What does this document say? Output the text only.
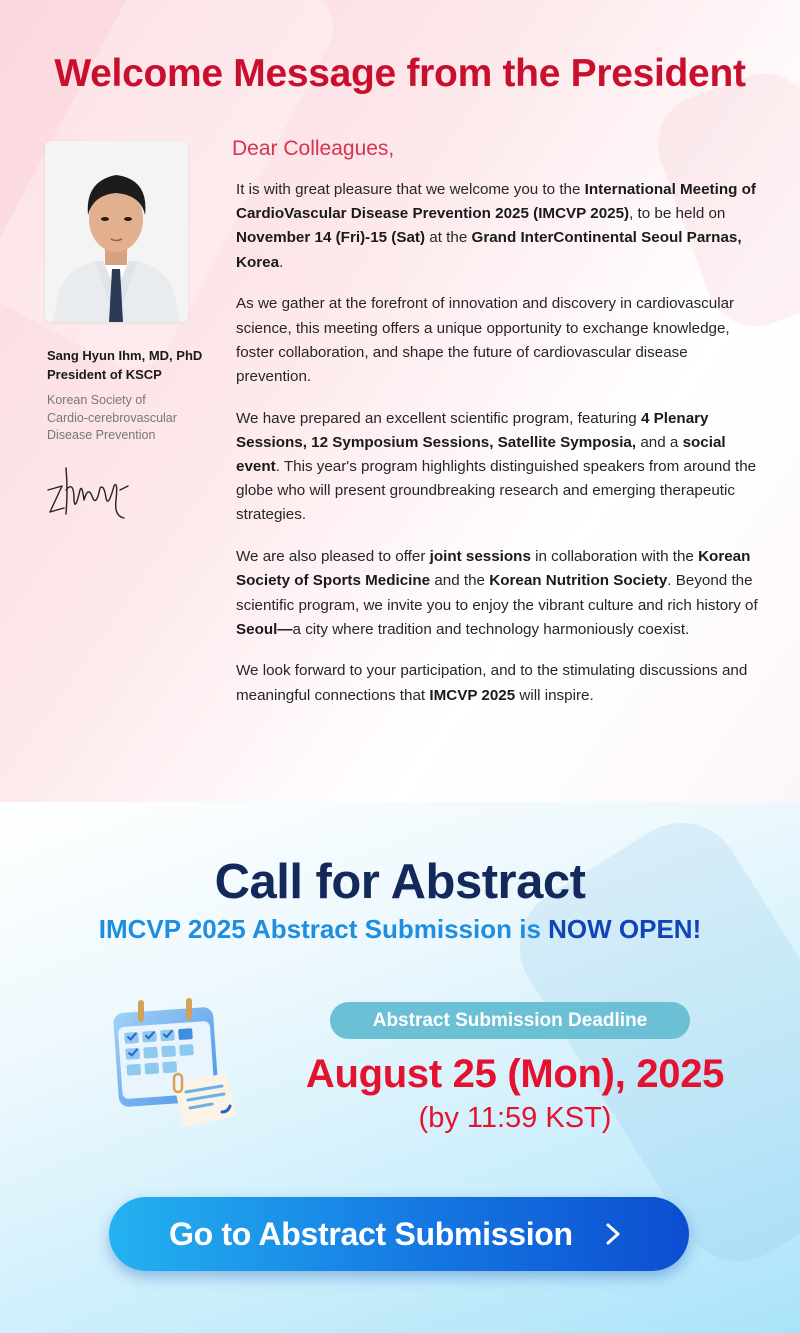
Welcome Message from the President
Sang Hyun Ihm, MD, PhD
President of KSCP
Korean Society of
Cardio-cerebrovascular
Disease Prevention
Dear Colleagues,

It is with great pleasure that we welcome you to the International Meeting of CardioVascular Disease Prevention 2025 (IMCVP 2025), to be held on November 14 (Fri)-15 (Sat) at the Grand InterContinental Seoul Parnas, Korea.

As we gather at the forefront of innovation and discovery in cardiovascular science, this meeting offers a unique opportunity to exchange knowledge, foster collaboration, and shape the future of cardiovascular disease prevention.

We have prepared an excellent scientific program, featuring 4 Plenary Sessions, 12 Symposium Sessions, Satellite Symposia, and a social event. This year's program highlights distinguished speakers from around the globe who will present groundbreaking research and emerging therapeutic strategies.

We are also pleased to offer joint sessions in collaboration with the Korean Society of Sports Medicine and the Korean Nutrition Society. Beyond the scientific program, we invite you to enjoy the vibrant culture and rich history of Seoul—a city where tradition and technology harmoniously coexist.

We look forward to your participation, and to the stimulating discussions and meaningful connections that IMCVP 2025 will inspire.

Call for Abstract
IMCVP 2025 Abstract Submission is NOW OPEN!
Abstract Submission Deadline
August 25 (Mon), 2025
(by 11:59 KST)
Go to Abstract Submission
